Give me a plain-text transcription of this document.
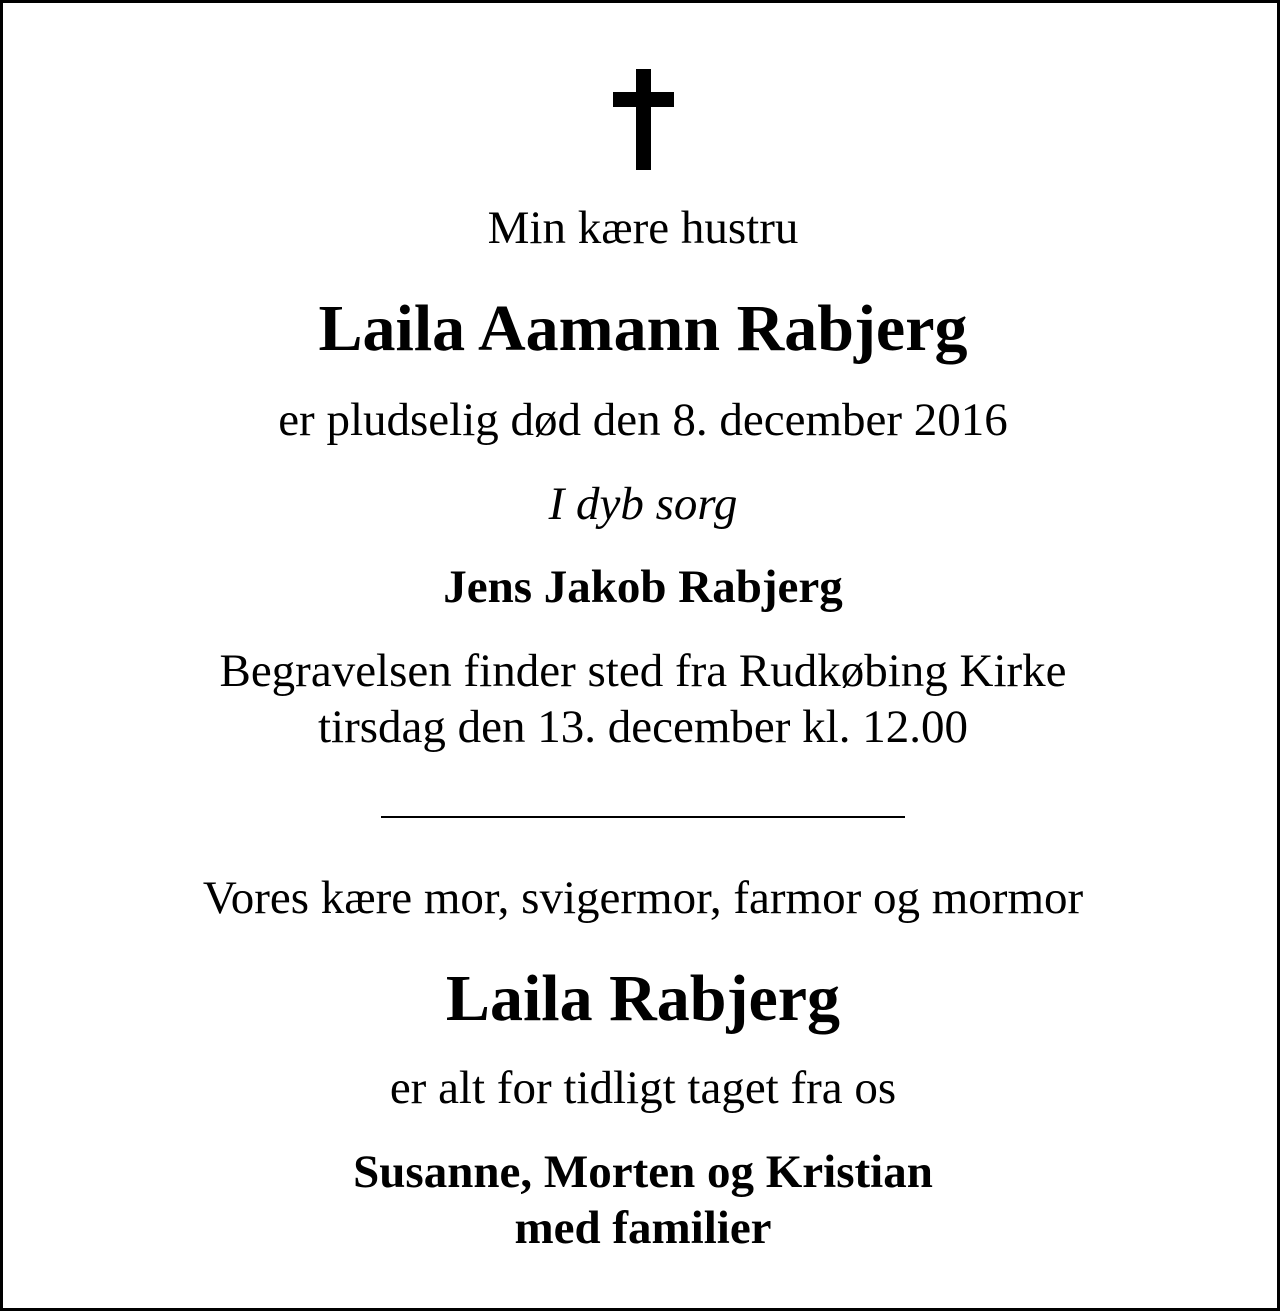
Min kære hustru

Laila Aamann Rabjerg

er pludselig død den 8. december 2016

I dyb sorg

Jens Jakob Rabjerg

Begravelsen finder sted fra Rudkøbing Kirke

tirsdag den 13. december kl. 12.00

Vores kære mor, svigermor, farmor og mormor

Laila Rabjerg

er alt for tidligt taget fra os

Susanne, Morten og Kristian

med familier
